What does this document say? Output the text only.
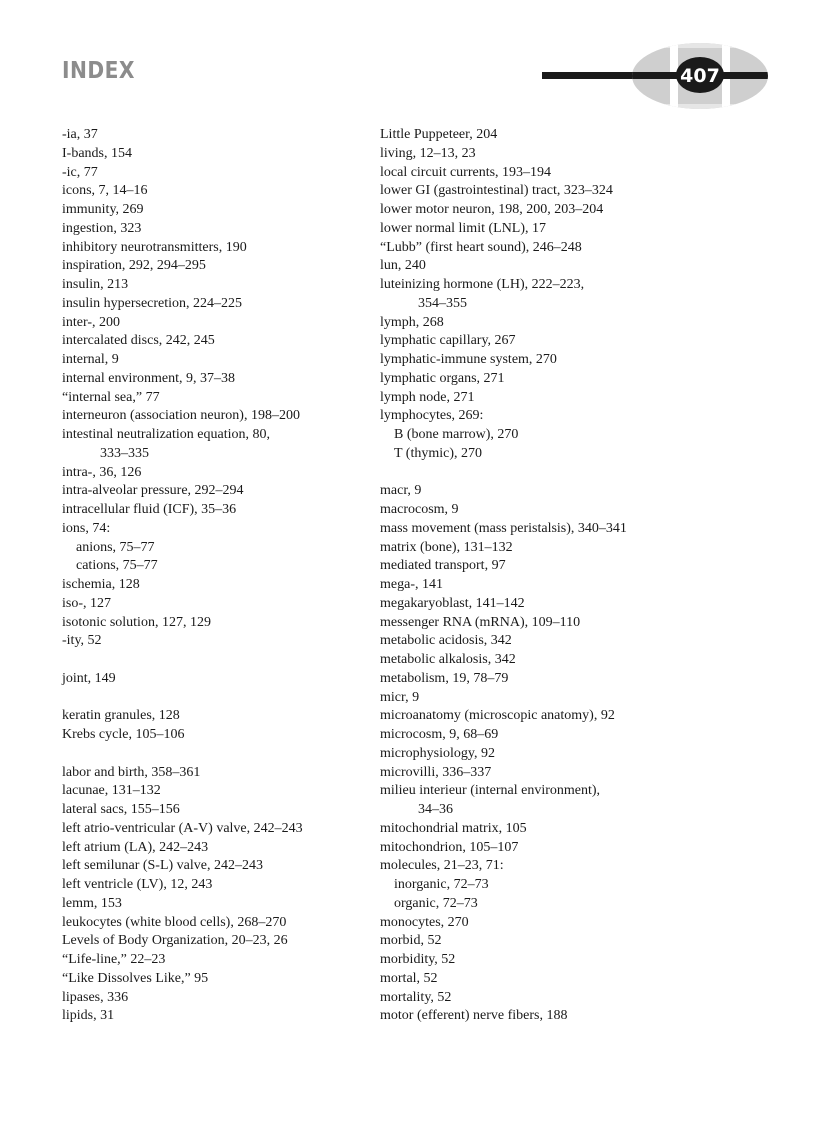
INDEX	407
-ia, 37
I-bands, 154
-ic, 77
icons, 7, 14–16
immunity, 269
ingestion, 323
inhibitory neurotransmitters, 190
inspiration, 292, 294–295
insulin, 213
insulin hypersecretion, 224–225
inter-, 200
intercalated discs, 242, 245
internal, 9
internal environment, 9, 37–38
“internal sea,” 77
interneuron (association neuron), 198–200
intestinal neutralization equation, 80,
333–335
intra-, 36, 126
intra-alveolar pressure, 292–294
intracellular fluid (ICF), 35–36
ions, 74:
anions, 75–77
cations, 75–77
ischemia, 128
iso-, 127
isotonic solution, 127, 129
-ity, 52
joint, 149
keratin granules, 128
Krebs cycle, 105–106
labor and birth, 358–361
lacunae, 131–132
lateral sacs, 155–156
left atrio-ventricular (A-V) valve, 242–243
left atrium (LA), 242–243
left semilunar (S-L) valve, 242–243
left ventricle (LV), 12, 243
lemm, 153
leukocytes (white blood cells), 268–270
Levels of Body Organization, 20–23, 26
“Life-line,” 22–23
“Like Dissolves Like,” 95
lipases, 336
lipids, 31
Little Puppeteer, 204
living, 12–13, 23
local circuit currents, 193–194
lower GI (gastrointestinal) tract, 323–324
lower motor neuron, 198, 200, 203–204
lower normal limit (LNL), 17
“Lubb” (first heart sound), 246–248
lun, 240
luteinizing hormone (LH), 222–223,
354–355
lymph, 268
lymphatic capillary, 267
lymphatic-immune system, 270
lymphatic organs, 271
lymph node, 271
lymphocytes, 269:
B (bone marrow), 270
T (thymic), 270
macr, 9
macrocosm, 9
mass movement (mass peristalsis), 340–341
matrix (bone), 131–132
mediated transport, 97
mega-, 141
megakaryoblast, 141–142
messenger RNA (mRNA), 109–110
metabolic acidosis, 342
metabolic alkalosis, 342
metabolism, 19, 78–79
micr, 9
microanatomy (microscopic anatomy), 92
microcosm, 9, 68–69
microphysiology, 92
microvilli, 336–337
milieu interieur (internal environment),
34–36
mitochondrial matrix, 105
mitochondrion, 105–107
molecules, 21–23, 71:
inorganic, 72–73
organic, 72–73
monocytes, 270
morbid, 52
morbidity, 52
mortal, 52
mortality, 52
motor (efferent) nerve fibers, 188
